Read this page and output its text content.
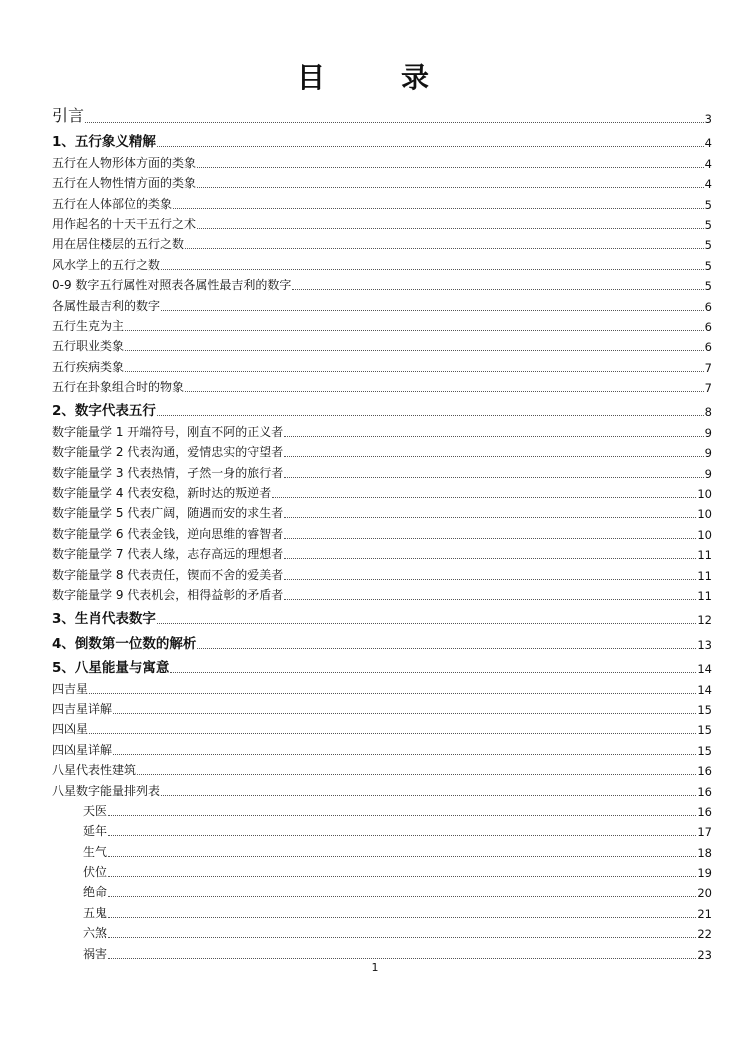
目　录
引言	3
1、五行象义精解	4
五行在人物形体方面的类象	4
五行在人物性情方面的类象	4
五行在人体部位的类象	5
用作起名的十天干五行之术	5
用在居住楼层的五行之数	5
风水学上的五行之数	5
0-9 数字五行属性对照表各属性最吉利的数字	5
各属性最吉利的数字	6
五行生克为主	6
五行职业类象	6
五行疾病类象	7
五行在卦象组合时的物象	7
2、数字代表五行	8
数字能量学 1 开端符号，刚直不阿的正义者	9
数字能量学 2 代表沟通，爱情忠实的守望者	9
数字能量学 3 代表热情，孑然一身的旅行者	9
数字能量学 4 代表安稳，新时达的叛逆者	10
数字能量学 5 代表广阔，随遇而安的求生者	10
数字能量学 6 代表金钱，逆向思维的睿智者	10
数字能量学 7 代表人缘，志存高远的理想者	11
数字能量学 8 代表责任，锲而不舍的爱美者	11
数字能量学 9 代表机会，相得益彰的矛盾者	11
3、生肖代表数字	12
4、倒数第一位数的解析	13
5、八星能量与寓意	14
四吉星	14
四吉星详解	15
四凶星	15
四凶星详解	15
八星代表性建筑	16
八星数字能量排列表	16
天医	16
延年	17
生气	18
伏位	19
绝命	20
五鬼	21
六煞	22
祸害	23
1
